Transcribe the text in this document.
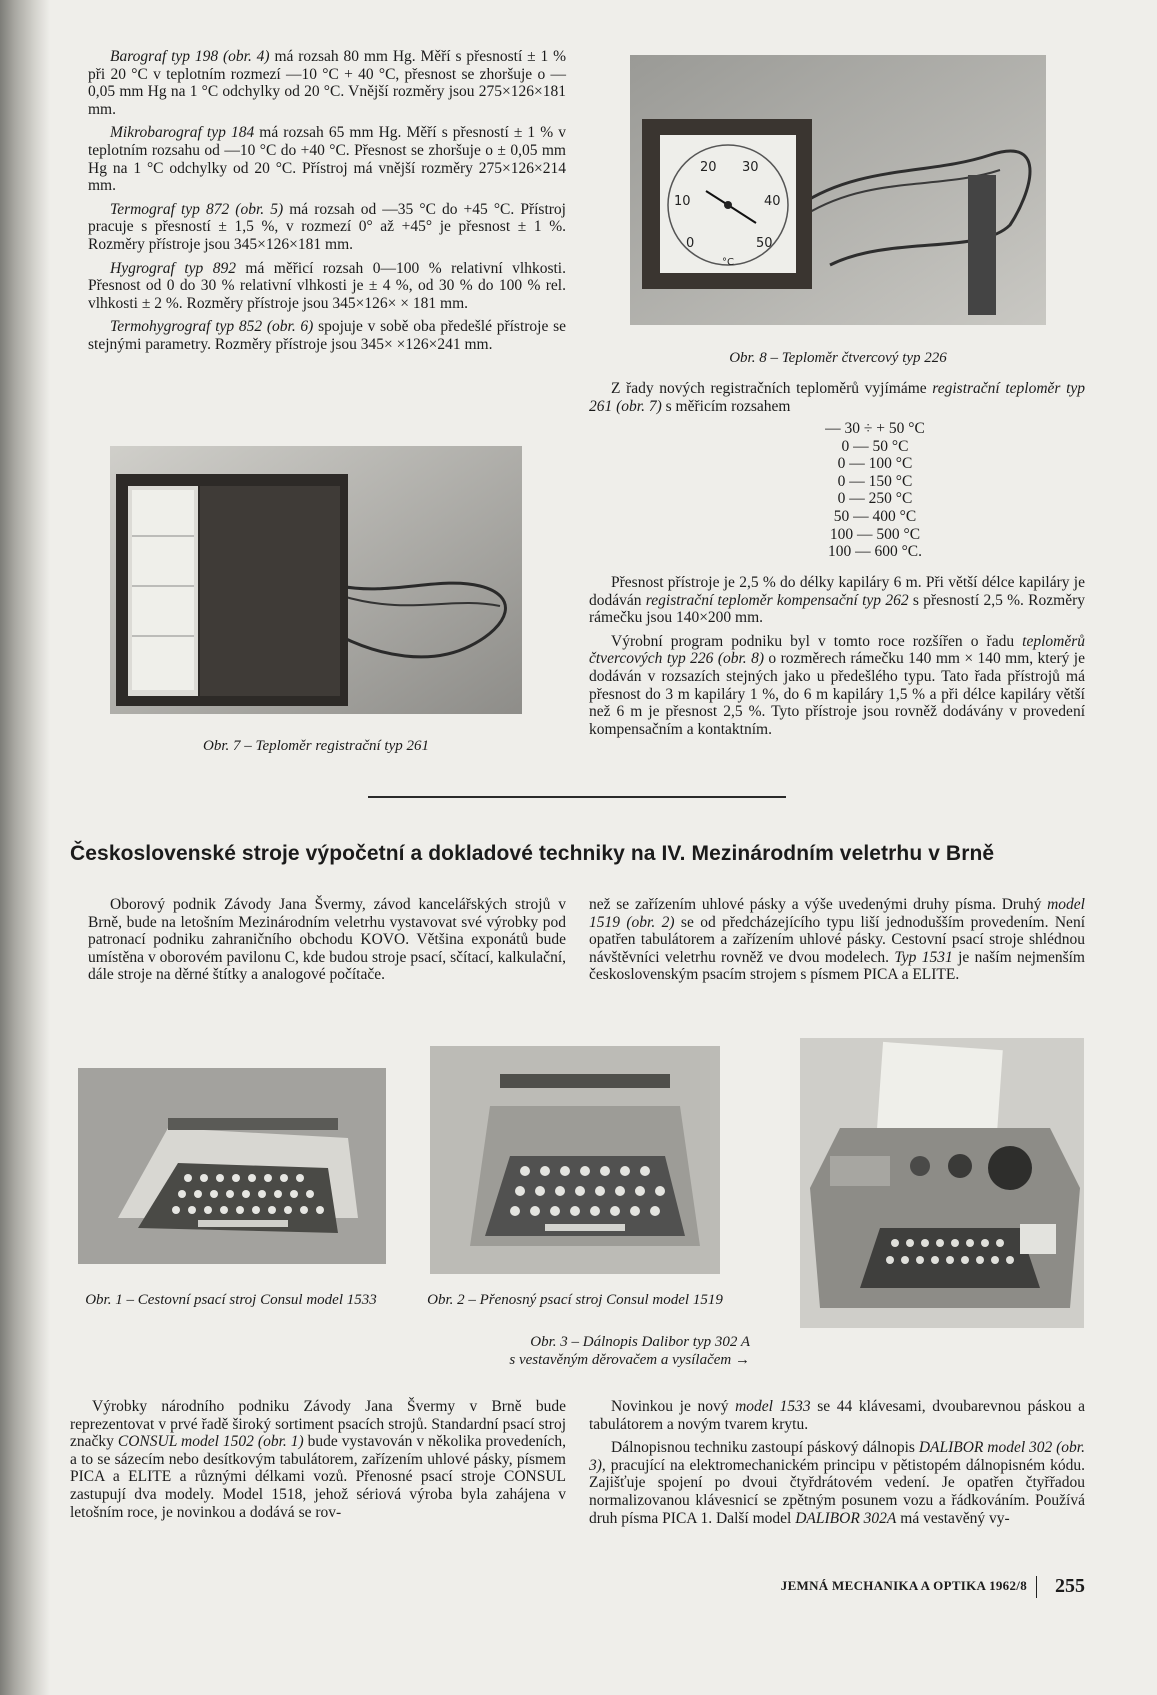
Barograf typ 198 (obr. 4) má rozsah 80 mm Hg. Měří s přesností ± 1 % při 20 °C v teplotním rozmezí —10 °C + 40 °C, přesnost se zhoršuje o —0,05 mm Hg na 1 °C odchylky od 20 °C. Vnější rozměry jsou 275×126×181 mm.

Mikrobarograf typ 184 má rozsah 65 mm Hg. Měří s přesností ± 1 % v teplotním rozsahu od —10 °C do +40 °C. Přesnost se zhoršuje o ± 0,05 mm Hg na 1 °C odchylky od 20 °C. Přístroj má vnější rozměry 275×126×214 mm.

Termograf typ 872 (obr. 5) má rozsah od —35 °C do +45 °C. Přístroj pracuje s přesností ± 1,5 %, v rozmezí 0° až +45° je přesnost ± 1 %. Rozměry přístroje jsou 345×126×181 mm.

Hygrograf typ 892 má měřicí rozsah 0—100 % relativní vlhkosti. Přesnost od 0 do 30 % relativní vlhkosti je ± 4 %, od 30 % do 100 % rel. vlhkosti ± 2 %. Rozměry přístroje jsou 345×126× × 181 mm.

Termohygrograf typ 852 (obr. 6) spojuje v sobě oba předešlé přístroje se stejnými parametry. Rozměry přístroje jsou 345× ×126×241 mm.

20 30
10	40
0	50
°C
Obr. 8 – Teploměr čtvercový typ 226

Z řady nových registračních teploměrů vyjímáme registrační teploměr typ 261 (obr. 7) s měřicím rozsahem

— 30 ÷ + 50 °C
0 — 50 °C
0 — 100 °C
0 — 150 °C
0 — 250 °C
50 — 400 °C
100 — 500 °C
100 — 600 °C.

Přesnost přístroje je 2,5 % do délky kapiláry 6 m. Při větší délce kapiláry je dodáván registrační teploměr kompensační typ 262 s přesností 2,5 %. Rozměry rámečku jsou 140×200 mm.

Výrobní program podniku byl v tomto roce rozšířen o řadu teploměrů čtvercových typ 226 (obr. 8) o rozměrech rámečku 140 mm × 140 mm, který je dodáván v rozsazích stejných jako u předešlého typu. Tato řada přístrojů má přesnost do 3 m kapiláry 1 %, do 6 m kapiláry 1,5 % a při délce kapiláry větší než 6 m je přesnost 2,5 %. Tyto přístroje jsou rovněž dodávány v provedení kompensačním a kontaktním.

Obr. 7 – Teploměr registrační typ 261
Československé stroje výpočetní a dokladové techniky na IV. Mezinárodním veletrhu v Brně

Oborový podnik Závody Jana Švermy, závod kancelářských strojů v Brně, bude na letošním Mezinárodním veletrhu vystavovat své výrobky pod patronací podniku zahraničního obchodu KOVO. Většina exponátů bude umístěna v oborovém pavilonu C, kde budou stroje psací, sčítací, kalkulační, dále stroje na děrné štítky a analogové počítače.

než se zařízením uhlové pásky a výše uvedenými druhy písma. Druhý model 1519 (obr. 2) se od předcházejícího typu liší jednodušším provedením. Není opatřen tabulátorem a zařízením uhlové pásky. Cestovní psací stroje shlédnou návštěvníci veletrhu rovněž ve dvou modelech. Typ 1531 je naším nejmenším československým psacím strojem s písmem PICA a ELITE.

Obr. 1 – Cestovní psací stroj Consul model 1533	Obr. 2 – Přenosný psací stroj Consul model 1519
Obr. 3 – Dálnopis Dalibor typ 302 A
s vestavěným děrovačem a vysílačem →

Výrobky národního podniku Závody Jana Švermy v Brně bude reprezentovat v prvé řadě široký sortiment psacích strojů. Standardní psací stroj značky CONSUL model 1502 (obr. 1) bude vystavován v několika provedeních, a to se sázecím nebo desítkovým tabulátorem, zařízením uhlové pásky, písmem PICA a ELITE a různými délkami vozů. Přenosné psací stroje CONSUL zastupují dva modely. Model 1518, jehož sériová výroba byla zahájena v letošním roce, je novinkou a dodává se rov-

Novinkou je nový model 1533 se 44 klávesami, dvoubarevnou páskou a tabulátorem a novým tvarem krytu.

Dálnopisnou techniku zastoupí páskový dálnopis DALIBOR model 302 (obr. 3), pracující na elektromechanickém principu v pětistopém dálnopisném kódu. Zajišťuje spojení po dvoui čtyřdrátovém vedení. Je opatřen čtyřřadou normalizovanou klávesnicí se zpětným posunem vozu a řádkováním. Používá druh písma PICA 1. Další model DALIBOR 302A má vestavěný vy-

JEMNÁ MECHANIKA A OPTIKA 1962/8 255
